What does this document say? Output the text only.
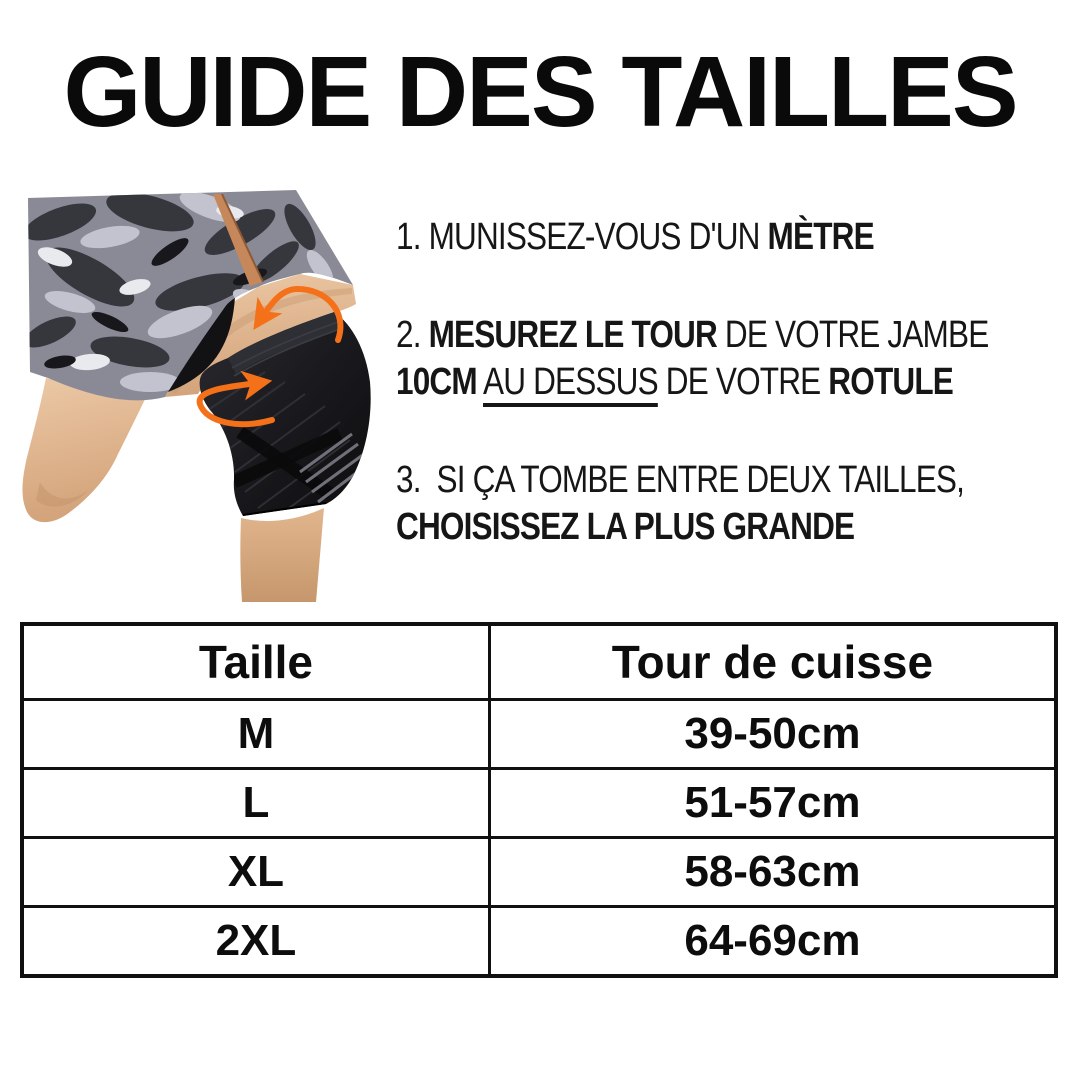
GUIDE DES TAILLES
1. MUNISSEZ-VOUS D'UN MÈTRE
2. MESUREZ LE TOUR DE VOTRE JAMBE
10CM AU DESSUS DE VOTRE ROTULE
3.  SI ÇA TOMBE ENTRE DEUX TAILLES,
CHOISISSEZ LA PLUS GRANDE
Taille	Tour de cuisse
M	39-50cm
L	51-57cm
XL	58-63cm
2XL	64-69cm
